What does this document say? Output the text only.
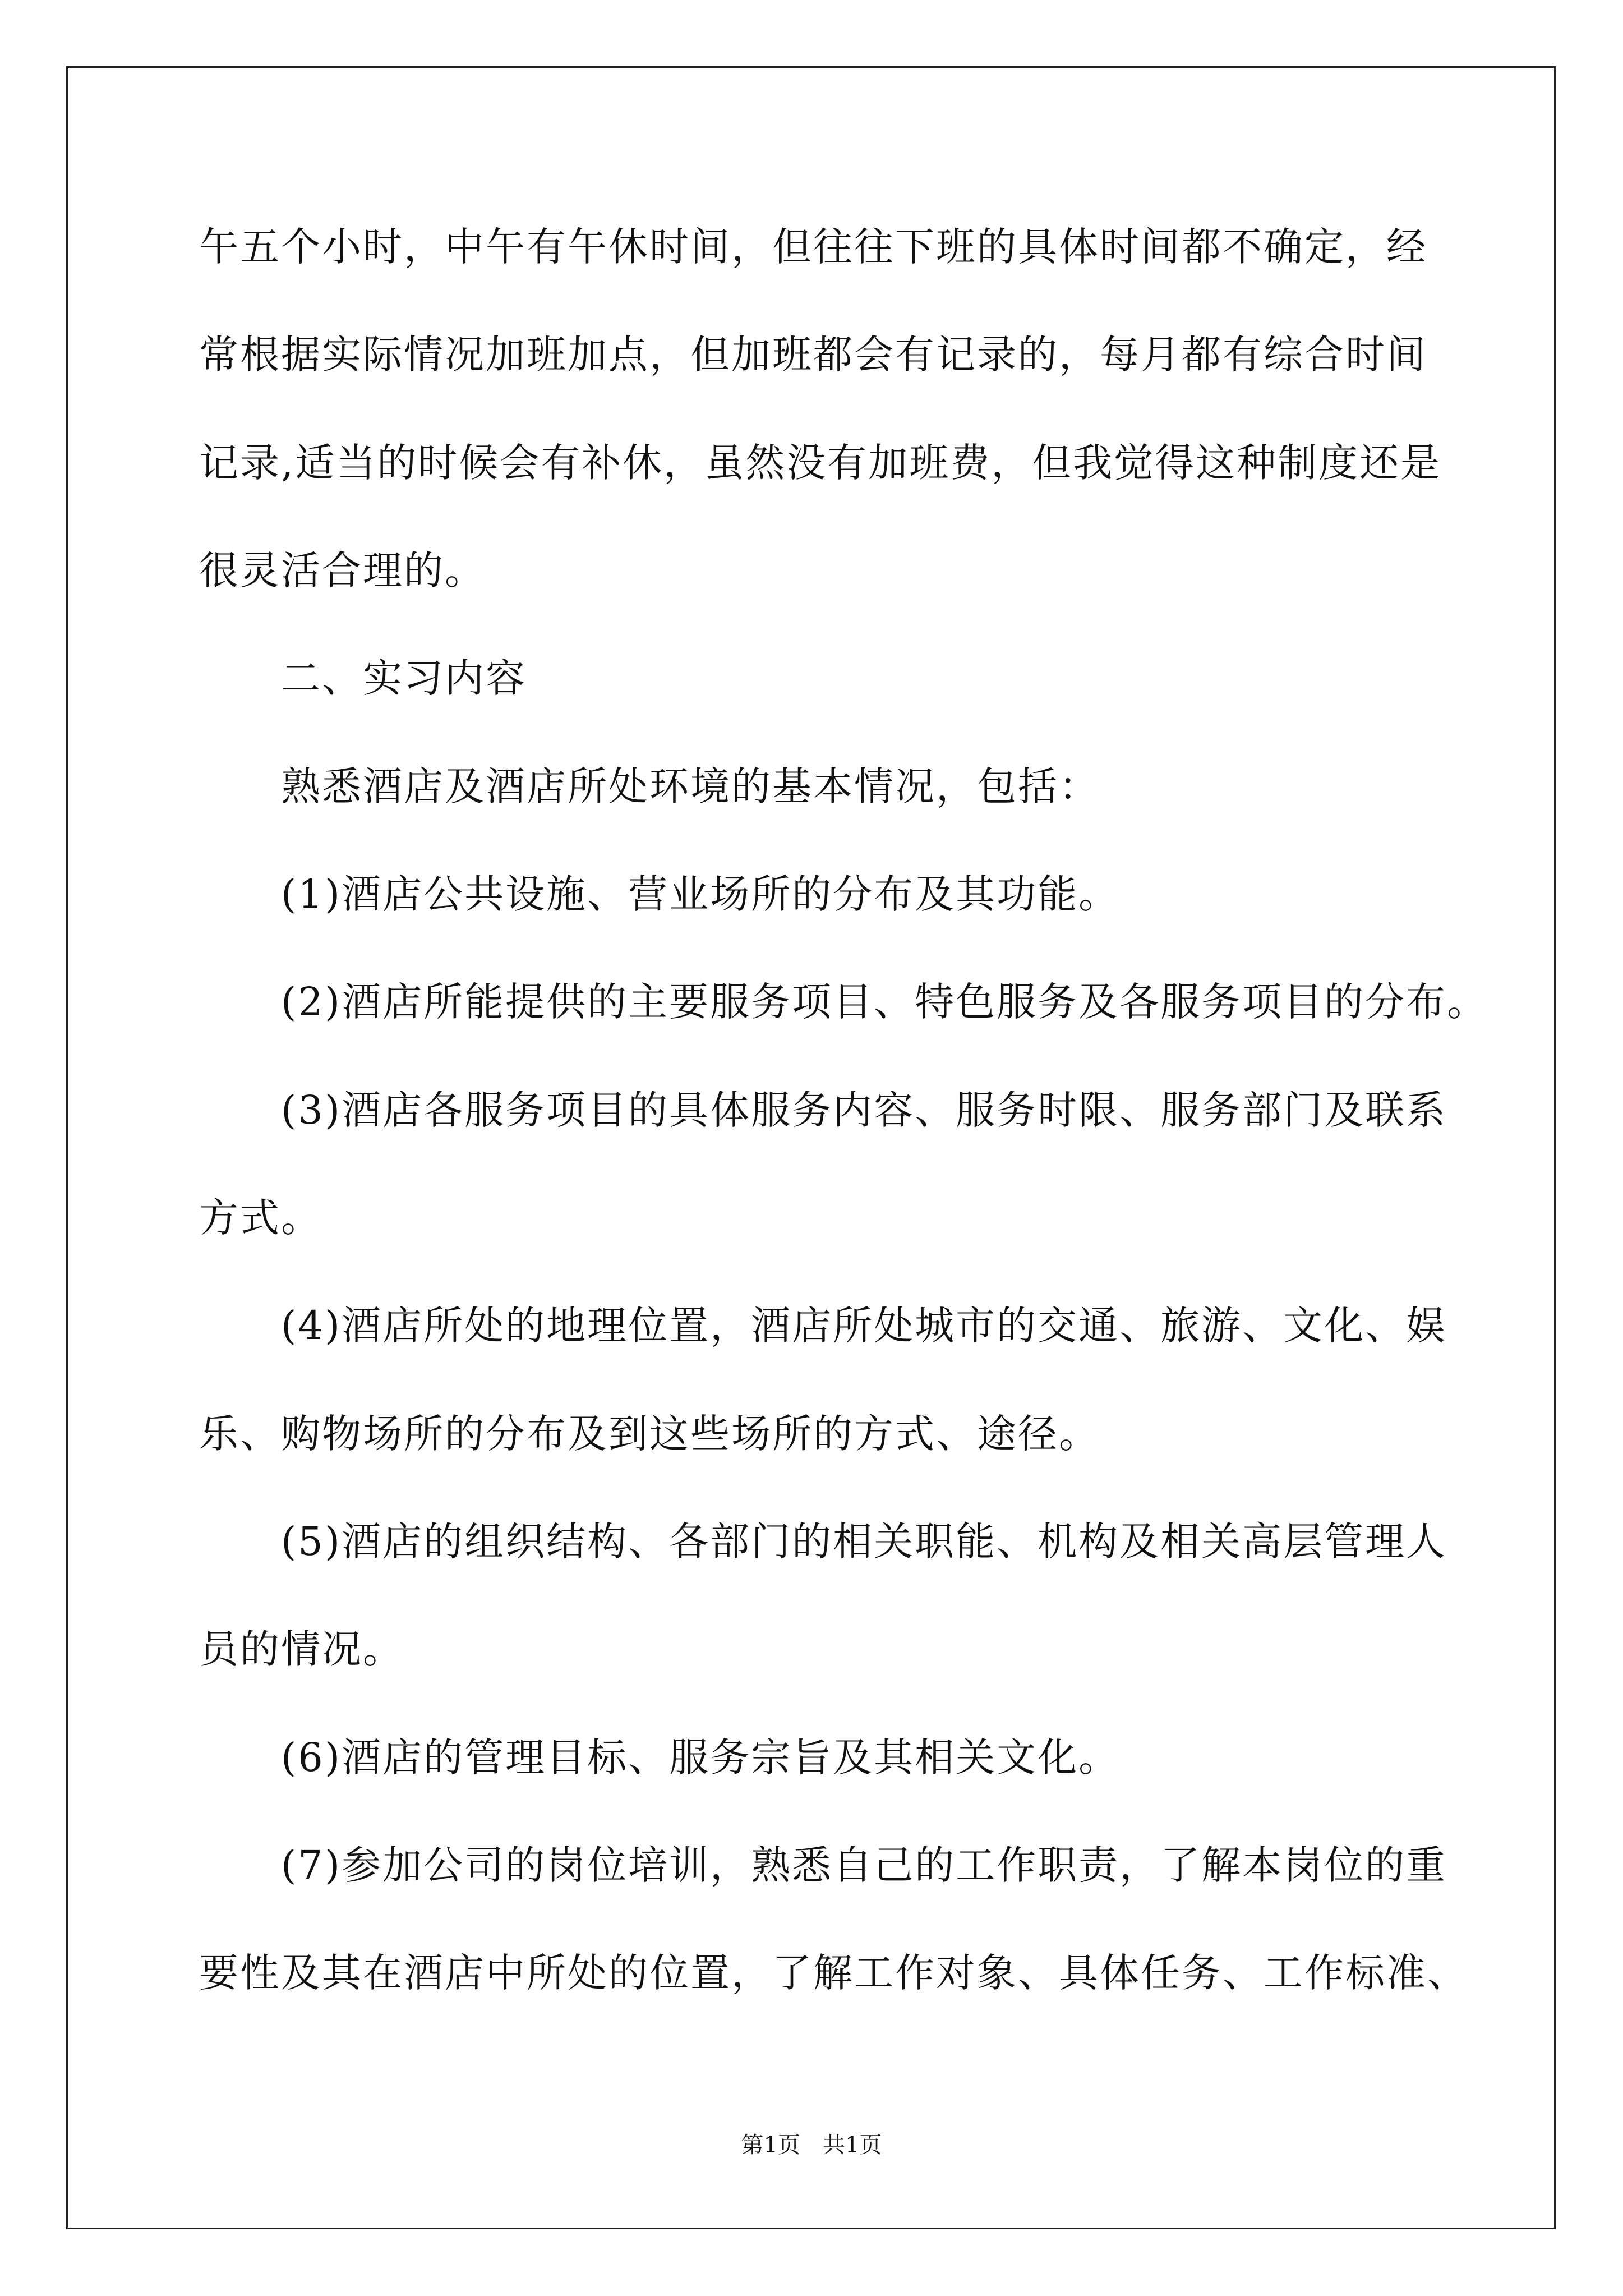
午五个小时，中午有午休时间，但往往下班的具体时间都不确定，经
常根据实际情况加班加点，但加班都会有记录的，每月都有综合时间
记录,适当的时候会有补休，虽然没有加班费，但我觉得这种制度还是
很灵活合理的。
　　二、实习内容
　　熟悉酒店及酒店所处环境的基本情况，包括：
　　(1)酒店公共设施、营业场所的分布及其功能。
　　(2)酒店所能提供的主要服务项目、特色服务及各服务项目的分布。
　　(3)酒店各服务项目的具体服务内容、服务时限、服务部门及联系
方式。
　　(4)酒店所处的地理位置，酒店所处城市的交通、旅游、文化、娱
乐、购物场所的分布及到这些场所的方式、途径。
　　(5)酒店的组织结构、各部门的相关职能、机构及相关高层管理人
员的情况。
　　(6)酒店的管理目标、服务宗旨及其相关文化。
　　(7)参加公司的岗位培训，熟悉自己的工作职责，了解本岗位的重
要性及其在酒店中所处的位置，了解工作对象、具体任务、工作标准、
第1页　共1页
